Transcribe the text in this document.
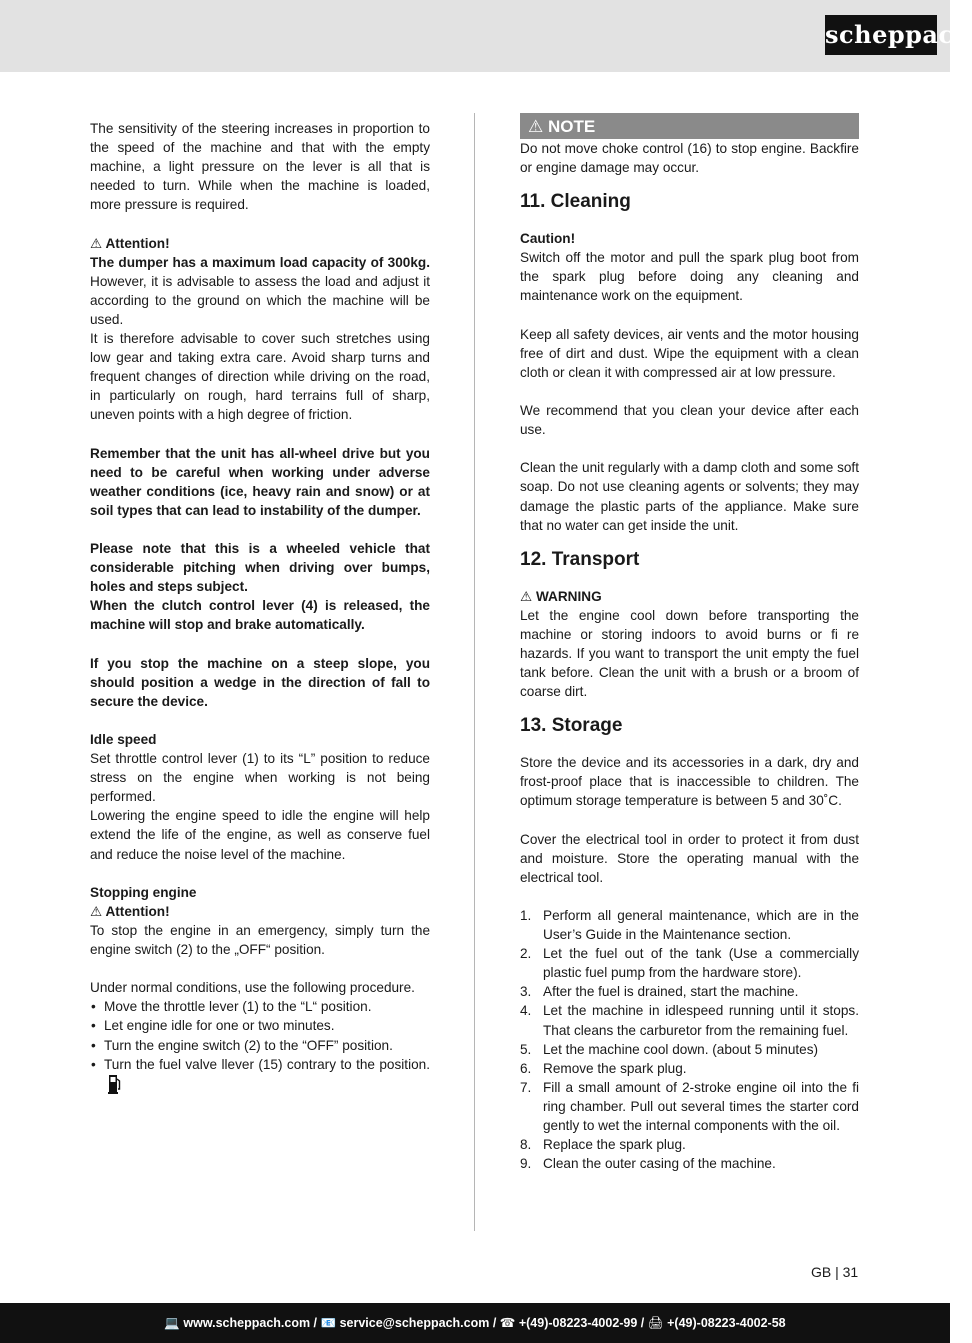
scheppach

The sensitivity of the steering increases in proportion to the speed of the machine and that with the empty machine, a light pressure on the lever is all that is needed to turn. While when the machine is loaded, more pressure is required.

⚠ Attention!

The dumper has a maximum load capacity of 300kg. However, it is advisable to assess the load and adjust it according to the ground on which the machine will be used.

It is therefore advisable to cover such stretches using low gear and taking extra care. Avoid sharp turns and frequent changes of direction while driving on the road, in particularly on rough, hard terrains full of sharp, uneven points with a high degree of friction.

Remember that the unit has all-wheel drive but you need to be careful when working under adverse weather conditions (ice, heavy rain and snow) or at soil types that can lead to instability of the dumper.

Please note that this is a wheeled vehicle that considerable pitching when driving over bumps, holes and steps subject.

When the clutch control lever (4) is released, the machine will stop and brake automatically.

If you stop the machine on a steep slope, you should position a wedge in the direction of fall to secure the device.

Idle speed

Set throttle control lever (1) to its “L” position to reduce stress on the engine when working is not being performed.

Lowering the engine speed to idle the engine will help extend the life of the engine, as well as conserve fuel and reduce the noise level of the machine.

Stopping engine

⚠ Attention!

To stop the engine in an emergency, simply turn the engine switch (2) to the „OFF“ position.

Under normal conditions, use the following procedure.

• Move the throttle lever (1) to the “L“ position.
• Let engine idle for one or two minutes.
• Turn the engine switch (2) to the “OFF” position.
• Turn the fuel valve llever (15) contrary to the position.
⚠ NOTE

Do not move choke control (16) to stop engine. Backfire or engine damage may occur.

11. Cleaning

Caution!

Switch off the motor and pull the spark plug boot from the spark plug before doing any cleaning and maintenance work on the equipment.

Keep all safety devices, air vents and the motor housing free of dirt and dust. Wipe the equipment with a clean cloth or clean it with compressed air at low pressure.

We recommend that you clean your device after each use.

Clean the unit regularly with a damp cloth and some soft soap. Do not use cleaning agents or solvents; they may damage the plastic parts of the appliance. Make sure that no water can get inside the unit.

12. Transport

⚠ WARNING

Let the engine cool down before transporting the machine or storing indoors to avoid burns or fi re hazards. If you want to transport the unit empty the fuel tank before. Clean the unit with a brush or a broom of coarse dirt.

13. Storage

Store the device and its accessories in a dark, dry and frost-proof place that is inaccessible to children. The optimum storage temperature is between 5 and 30˚C.

Cover the electrical tool in order to protect it from dust and moisture. Store the operating manual with the electrical tool.

1. Perform all general maintenance, which are in the User’s Guide in the Maintenance section.
2. Let the fuel out of the tank (Use a commercially plastic fuel pump from the hardware store).
3. After the fuel is drained, start the machine.
4. Let the machine in idlespeed running until it stops. That cleans the carburetor from the remaining fuel.
5. Let the machine cool down. (about 5 minutes)
6. Remove the spark plug.
7. Fill a small amount of 2-stroke engine oil into the fi ring chamber. Pull out several times the starter cord gently to wet the internal components with the oil.
8. Replace the spark plug.
9. Clean the outer casing of the machine.
GB | 31
💻 www.scheppach.com / 📧 service@scheppach.com / ☎ +(49)-08223-4002-99 / 🖨 +(49)-08223-4002-58
